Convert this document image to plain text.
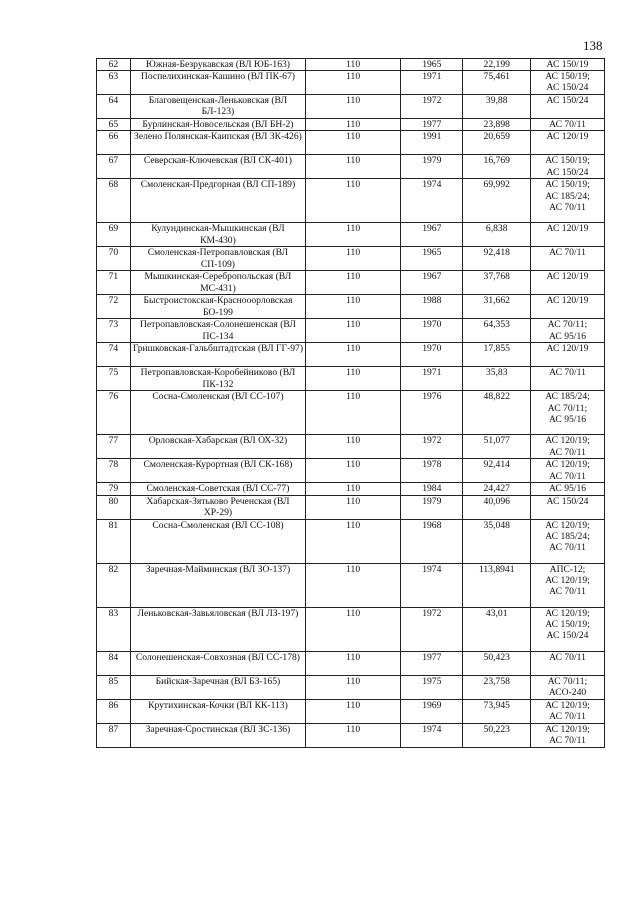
138
62	Южная-Безрукавская (ВЛ ЮБ-163)	110	1965	22,199	АС 150/19

63	Поспелихинская-Кашино (ВЛ ПК-67)	110	1971	75,461	АС 150/19;
АС 150/24

64	Благовещенская-Леньковская (ВЛ БЛ-123)	110	1972	39,88	АС 150/24

65	Бурлинская-Новосельская (ВЛ БН-2)	110	1977	23,898	АС 70/11

66	Зелено Полянская-Каипская (ВЛ ЗК-426)	110	1991	20,659	АС 120/19

67	Северская-Ключевская (ВЛ СК-401)	110	1979	16,769	АС 150/19;
АС 150/24

68	Смоленская-Предгорная (ВЛ СП-189)	110	1974	69,992	АС 150/19;
АС 185/24;
АС 70/11

69	Кулундинская-Мышкинская (ВЛ КМ-430)	110	1967	6,838	АС 120/19

70	Смоленская-Петропавловская (ВЛ СП-109)	110	1965	92,418	АС 70/11

71	Мышкинская-Серебропольская (ВЛ МС-431)	110	1967	37,768	АС 120/19

72	Быстроистокская-Краснооорловская БО-199	110	1988	31,662	АС 120/19

73	Петропавловская-Солонешенская (ВЛ ПС-134	110	1970	64,353	АС 70/11;
АС 95/16

74	Гришковская-Гальбштадтская (ВЛ ГГ-97)	110	1970	17,855	АС 120/19

75	Петропавловская-Коробейниково (ВЛ ПК-132	110	1971	35,83	АС 70/11

76	Сосна-Смоленская (ВЛ СС-107)	110	1976	48,822	АС 185/24;
АС 70/11;
АС 95/16

77	Орловская-Хабарская (ВЛ ОХ-32)	110	1972	51,077	АС 120/19;
АС 70/11

78	Смоленская-Курортная (ВЛ СК-168)	110	1978	92,414	АС 120/19;
АС 70/11

79	Смоленская-Советская (ВЛ СС-77)	110	1984	24,427	АС 95/16

80	Хабарская-Зятьково Реченская (ВЛ ХР-29)	110	1979	40,096	АС 150/24

81	Сосна-Смоленская (ВЛ СС-108)	110	1968	35,048	АС 120/19;
АС 185/24;
АС 70/11

82	Заречная-Майминская (ВЛ ЗО-137)	110	1974	113,8941	АПС-12;
АС 120/19;
АС 70/11

83	Леньковская-Завьяловская (ВЛ ЛЗ-197)	110	1972	43,01	АС 120/19;
АС 150/19;
АС 150/24

84	Солонешенская-Совхозная (ВЛ СС-178)	110	1977	50,423	АС 70/11

85	Бийская-Заречная (ВЛ БЗ-165)	110	1975	23,758	АС 70/11;
АСО-240

86	Крутихинская-Кочки (ВЛ КК-113)	110	1969	73,945	АС 120/19;
АС 70/11

87	Заречная-Сростинская (ВЛ ЗС-136)	110	1974	50,223	АС 120/19;
АС 70/11
